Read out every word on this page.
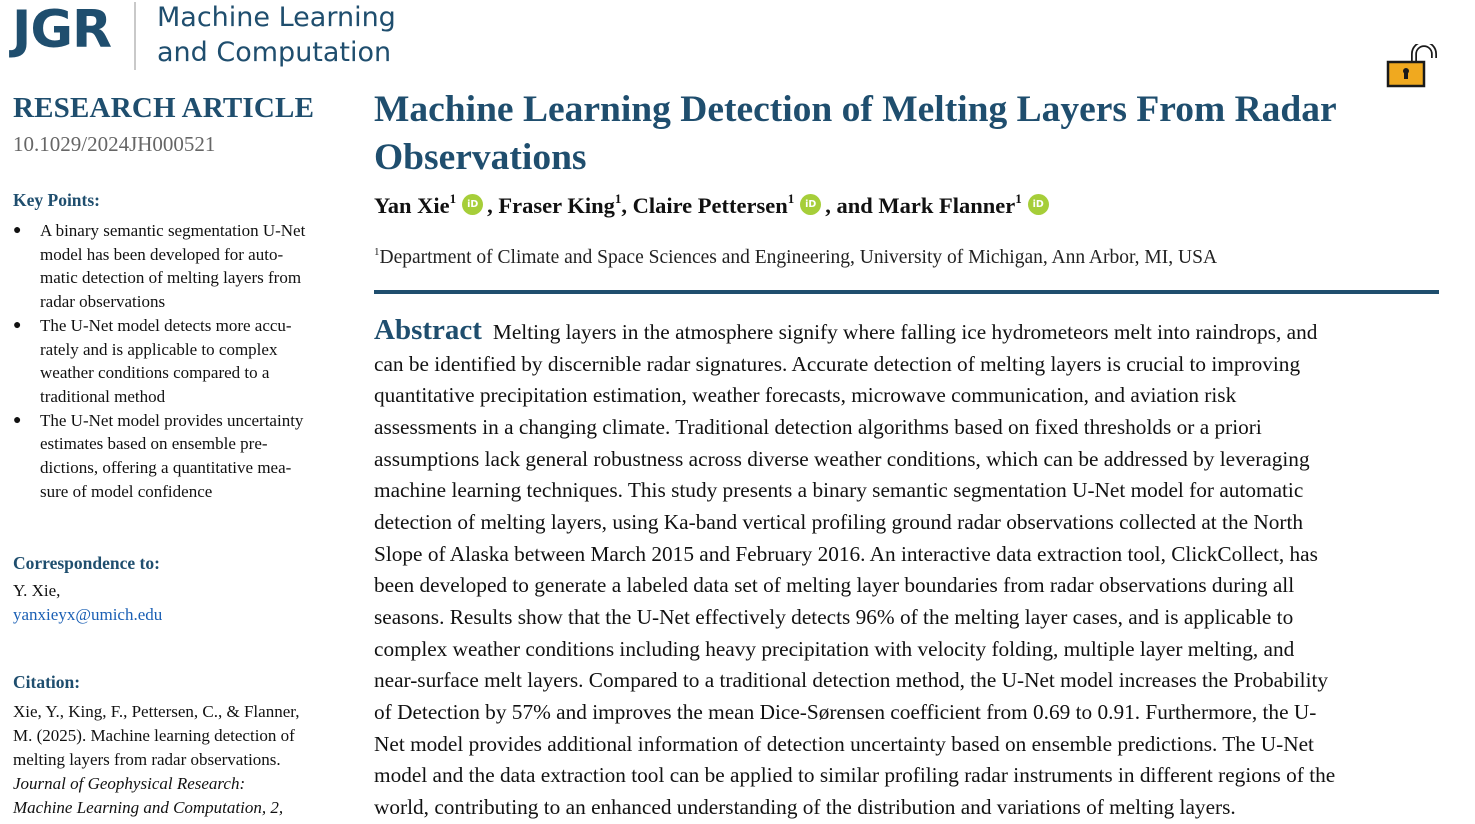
JGR Machine Learning
and Computation
RESEARCH ARTICLE
10.1029/2024JH000521
Key Points:
● A binary semantic segmentation U-Net
model has been developed for auto-
matic detection of melting layers from
radar observations
● The U-Net model detects more accu-
rately and is applicable to complex
weather conditions compared to a
traditional method
● The U-Net model provides uncertainty
estimates based on ensemble pre-
dictions, offering a quantitative mea-
sure of model confidence
Correspondence to:
Y. Xie,
yanxieyx@umich.edu
Citation:
Xie, Y., King, F., Pettersen, C., & Flanner,
M. (2025). Machine learning detection of
melting layers from radar observations.
Journal of Geophysical Research:
Machine Learning and Computation, 2,
Machine Learning Detection of Melting Layers From Radar
Observations
Yan Xie$^1$ iD , Fraser King$^1$, Claire Pettersen$^1$ iD , and Mark Flanner$^1$ iD
$^1$Department of Climate and Space Sciences and Engineering, University of Michigan, Ann Arbor, MI, USA
Abstract Melting layers in the atmosphere signify where falling ice hydrometeors melt into raindrops, and
can be identified by discernible radar signatures. Accurate detection of melting layers is crucial to improving
quantitative precipitation estimation, weather forecasts, microwave communication, and aviation risk
assessments in a changing climate. Traditional detection algorithms based on fixed thresholds or a priori
assumptions lack general robustness across diverse weather conditions, which can be addressed by leveraging
machine learning techniques. This study presents a binary semantic segmentation U-Net model for automatic
detection of melting layers, using Ka-band vertical profiling ground radar observations collected at the North
Slope of Alaska between March 2015 and February 2016. An interactive data extraction tool, ClickCollect, has
been developed to generate a labeled data set of melting layer boundaries from radar observations during all
seasons. Results show that the U-Net effectively detects 96% of the melting layer cases, and is applicable to
complex weather conditions including heavy precipitation with velocity folding, multiple layer melting, and
near-surface melt layers. Compared to a traditional detection method, the U-Net model increases the Probability
of Detection by 57% and improves the mean Dice-Sørensen coefficient from 0.69 to 0.91. Furthermore, the U-
Net model provides additional information of detection uncertainty based on ensemble predictions. The U-Net
model and the data extraction tool can be applied to similar profiling radar instruments in different regions of the
world, contributing to an enhanced understanding of the distribution and variations of melting layers.
